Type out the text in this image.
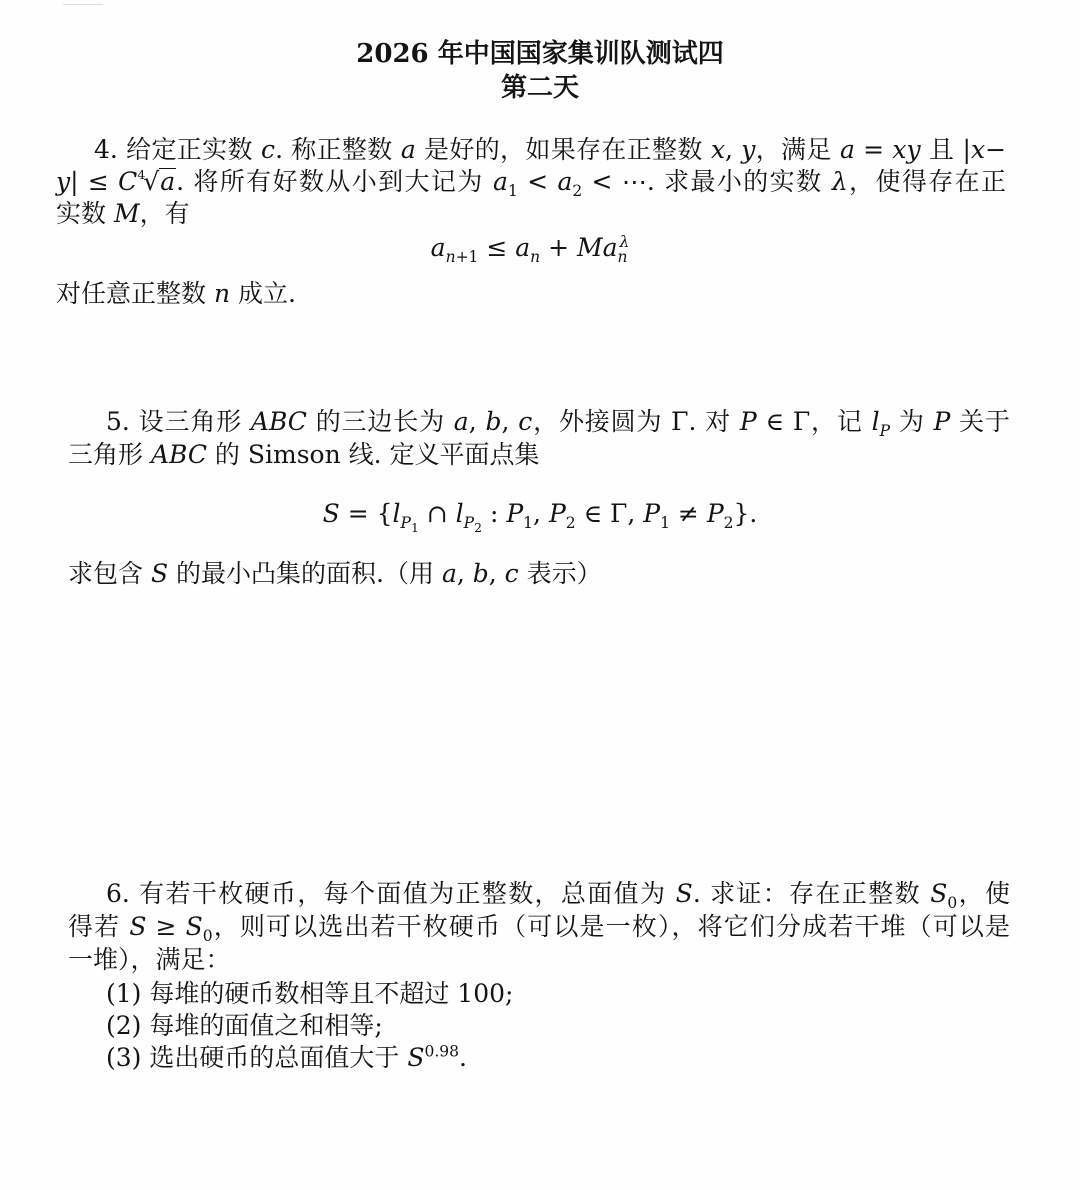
2026 年中国国家集训队测试四
第二天
4. 给定正实数 c. 称正整数 a 是好的，如果存在正整数 x, y，满足 a = xy 且 |x−
$y| \le C^4√a$. 将所有好数从小到大记为 $a_1 < a_2$ < ⋯. 求最小的实数 λ，使得存在正
实数 M，有
$a_{n+1} \le a_n + Ma_n^\lambda$
对任意正整数 n 成立.
5. 设三角形 ABC 的三边长为 a, b, c，外接圆为 Γ. 对 P ∈ Γ，记 $l_P$ 为 P 关于
三角形 ABC 的 Simson 线. 定义平面点集
$S = \{l_{P_1}$ ∩ $l_{P_2}$ : $P_1$, $P_2$ ∈ Γ, $P_1 \ne P_2$}.
求包含 S 的最小凸集的面积.（用 a, b, c 表示）
6. 有若干枚硬币，每个面值为正整数，总面值为 S. 求证：存在正整数 $S_0$，使
得若 $S \ge S_0$，则可以选出若干枚硬币（可以是一枚），将它们分成若干堆（可以是
一堆），满足：
(1) 每堆的硬币数相等且不超过 100;
(2) 每堆的面值之和相等;
(3) 选出硬币的总面值大于 $S^{0.98}$.
